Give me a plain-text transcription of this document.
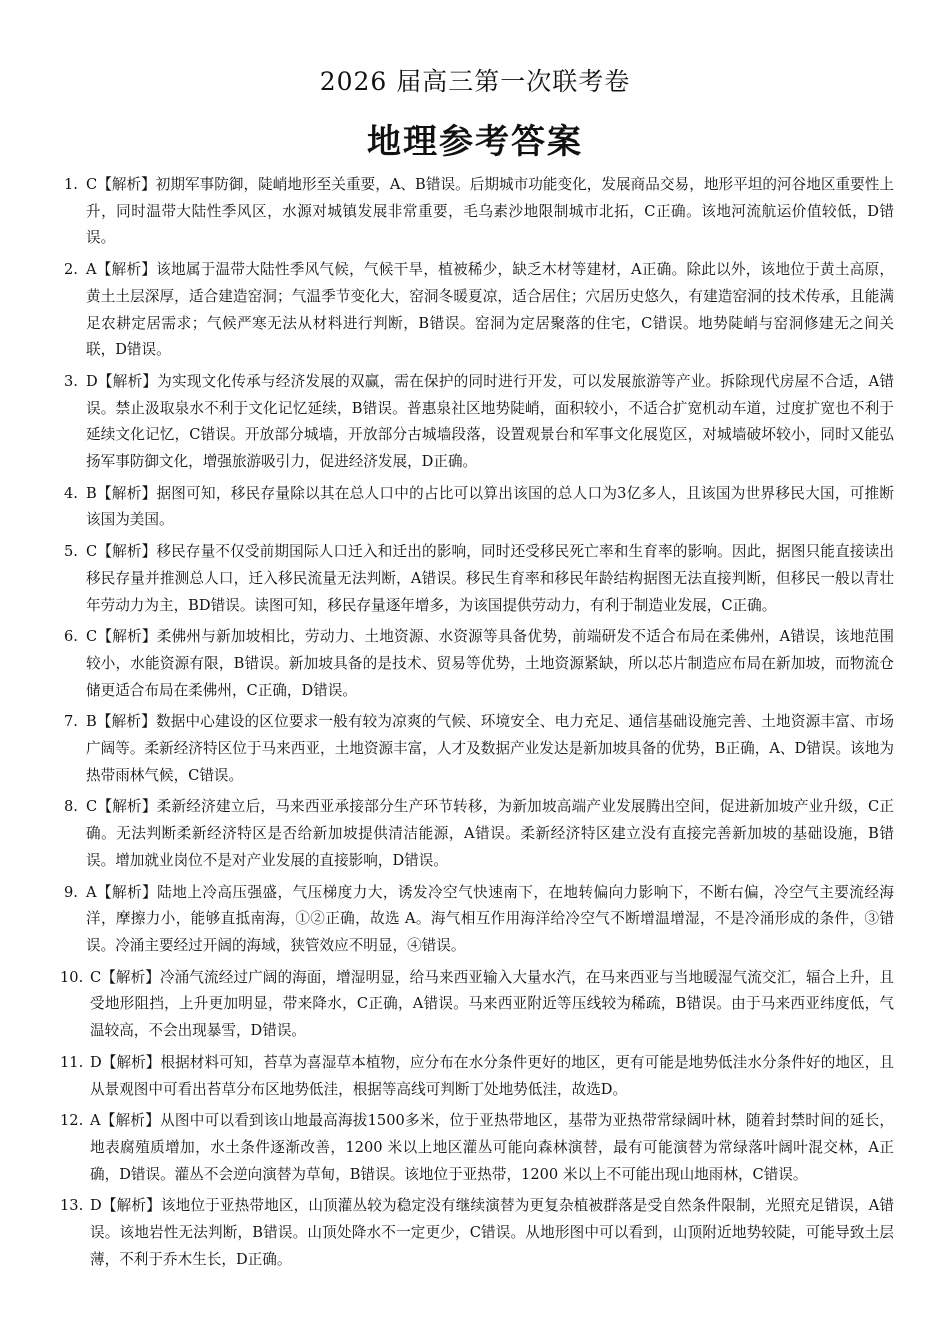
2026 届高三第一次联考卷
地理参考答案
1. C【解析】初期军事防御，陡峭地形至关重要，A、B错误。后期城市功能变化，发展商品交易，地形平坦的河谷地区重要性上升，同时温带大陆性季风区，水源对城镇发展非常重要，毛乌素沙地限制城市北拓，C正确。该地河流航运价值较低，D错误。
2. A【解析】该地属于温带大陆性季风气候，气候干旱，植被稀少，缺乏木材等建材，A正确。除此以外，该地位于黄土高原，黄土土层深厚，适合建造窑洞；气温季节变化大，窑洞冬暖夏凉，适合居住；穴居历史悠久，有建造窑洞的技术传承，且能满足农耕定居需求；气候严寒无法从材料进行判断，B错误。窑洞为定居聚落的住宅，C错误。地势陡峭与窑洞修建无之间关联，D错误。
3. D【解析】为实现文化传承与经济发展的双赢，需在保护的同时进行开发，可以发展旅游等产业。拆除现代房屋不合适，A错误。禁止汲取泉水不利于文化记忆延续，B错误。普惠泉社区地势陡峭，面积较小，不适合扩宽机动车道，过度扩宽也不利于延续文化记忆，C错误。开放部分城墙，开放部分古城墙段落，设置观景台和军事文化展览区，对城墙破坏较小，同时又能弘扬军事防御文化，增强旅游吸引力，促进经济发展，D正确。
4. B【解析】据图可知，移民存量除以其在总人口中的占比可以算出该国的总人口为3亿多人，且该国为世界移民大国，可推断该国为美国。
5. C【解析】移民存量不仅受前期国际人口迁入和迁出的影响，同时还受移民死亡率和生育率的影响。因此，据图只能直接读出移民存量并推测总人口，迁入移民流量无法判断，A错误。移民生育率和移民年龄结构据图无法直接判断，但移民一般以青壮年劳动力为主，BD错误。读图可知，移民存量逐年增多，为该国提供劳动力，有利于制造业发展，C正确。
6. C【解析】柔佛州与新加坡相比，劳动力、土地资源、水资源等具备优势，前端研发不适合布局在柔佛州，A错误，该地范围较小，水能资源有限，B错误。新加坡具备的是技术、贸易等优势，土地资源紧缺，所以芯片制造应布局在新加坡，而物流仓储更适合布局在柔佛州，C正确，D错误。
7. B【解析】数据中心建设的区位要求一般有较为凉爽的气候、环境安全、电力充足、通信基础设施完善、土地资源丰富、市场广阔等。柔新经济特区位于马来西亚，土地资源丰富，人才及数据产业发达是新加坡具备的优势，B正确，A、D错误。该地为热带雨林气候，C错误。
8. C【解析】柔新经济建立后，马来西亚承接部分生产环节转移，为新加坡高端产业发展腾出空间，促进新加坡产业升级，C正确。无法判断柔新经济特区是否给新加坡提供清洁能源，A错误。柔新经济特区建立没有直接完善新加坡的基础设施，B错误。增加就业岗位不是对产业发展的直接影响，D错误。
9. A【解析】陆地上冷高压强盛，气压梯度力大，诱发冷空气快速南下，在地转偏向力影响下，不断右偏，冷空气主要流经海洋，摩擦力小，能够直抵南海，①②正确，故选 A。海气相互作用海洋给冷空气不断增温增湿，不是冷涌形成的条件，③错误。冷涌主要经过开阔的海域，狭管效应不明显，④错误。
10. C【解析】冷涌气流经过广阔的海面，增湿明显，给马来西亚输入大量水汽，在马来西亚与当地暖湿气流交汇，辐合上升，且受地形阻挡，上升更加明显，带来降水，C正确，A错误。马来西亚附近等压线较为稀疏，B错误。由于马来西亚纬度低，气温较高，不会出现暴雪，D错误。
11. D【解析】根据材料可知，苔草为喜湿草本植物，应分布在水分条件更好的地区，更有可能是地势低洼水分条件好的地区，且从景观图中可看出苔草分布区地势低洼，根据等高线可判断丁处地势低洼，故选D。
12. A【解析】从图中可以看到该山地最高海拔1500多米，位于亚热带地区，基带为亚热带常绿阔叶林，随着封禁时间的延长，地表腐殖质增加，水土条件逐渐改善，1200 米以上地区灌丛可能向森林演替，最有可能演替为常绿落叶阔叶混交林，A正确，D错误。灌丛不会逆向演替为草甸，B错误。该地位于亚热带，1200 米以上不可能出现山地雨林，C错误。
13. D【解析】该地位于亚热带地区，山顶灌丛较为稳定没有继续演替为更复杂植被群落是受自然条件限制，光照充足错误，A错误。该地岩性无法判断，B错误。山顶处降水不一定更少，C错误。从地形图中可以看到，山顶附近地势较陡，可能导致土层薄，不利于乔木生长，D正确。
